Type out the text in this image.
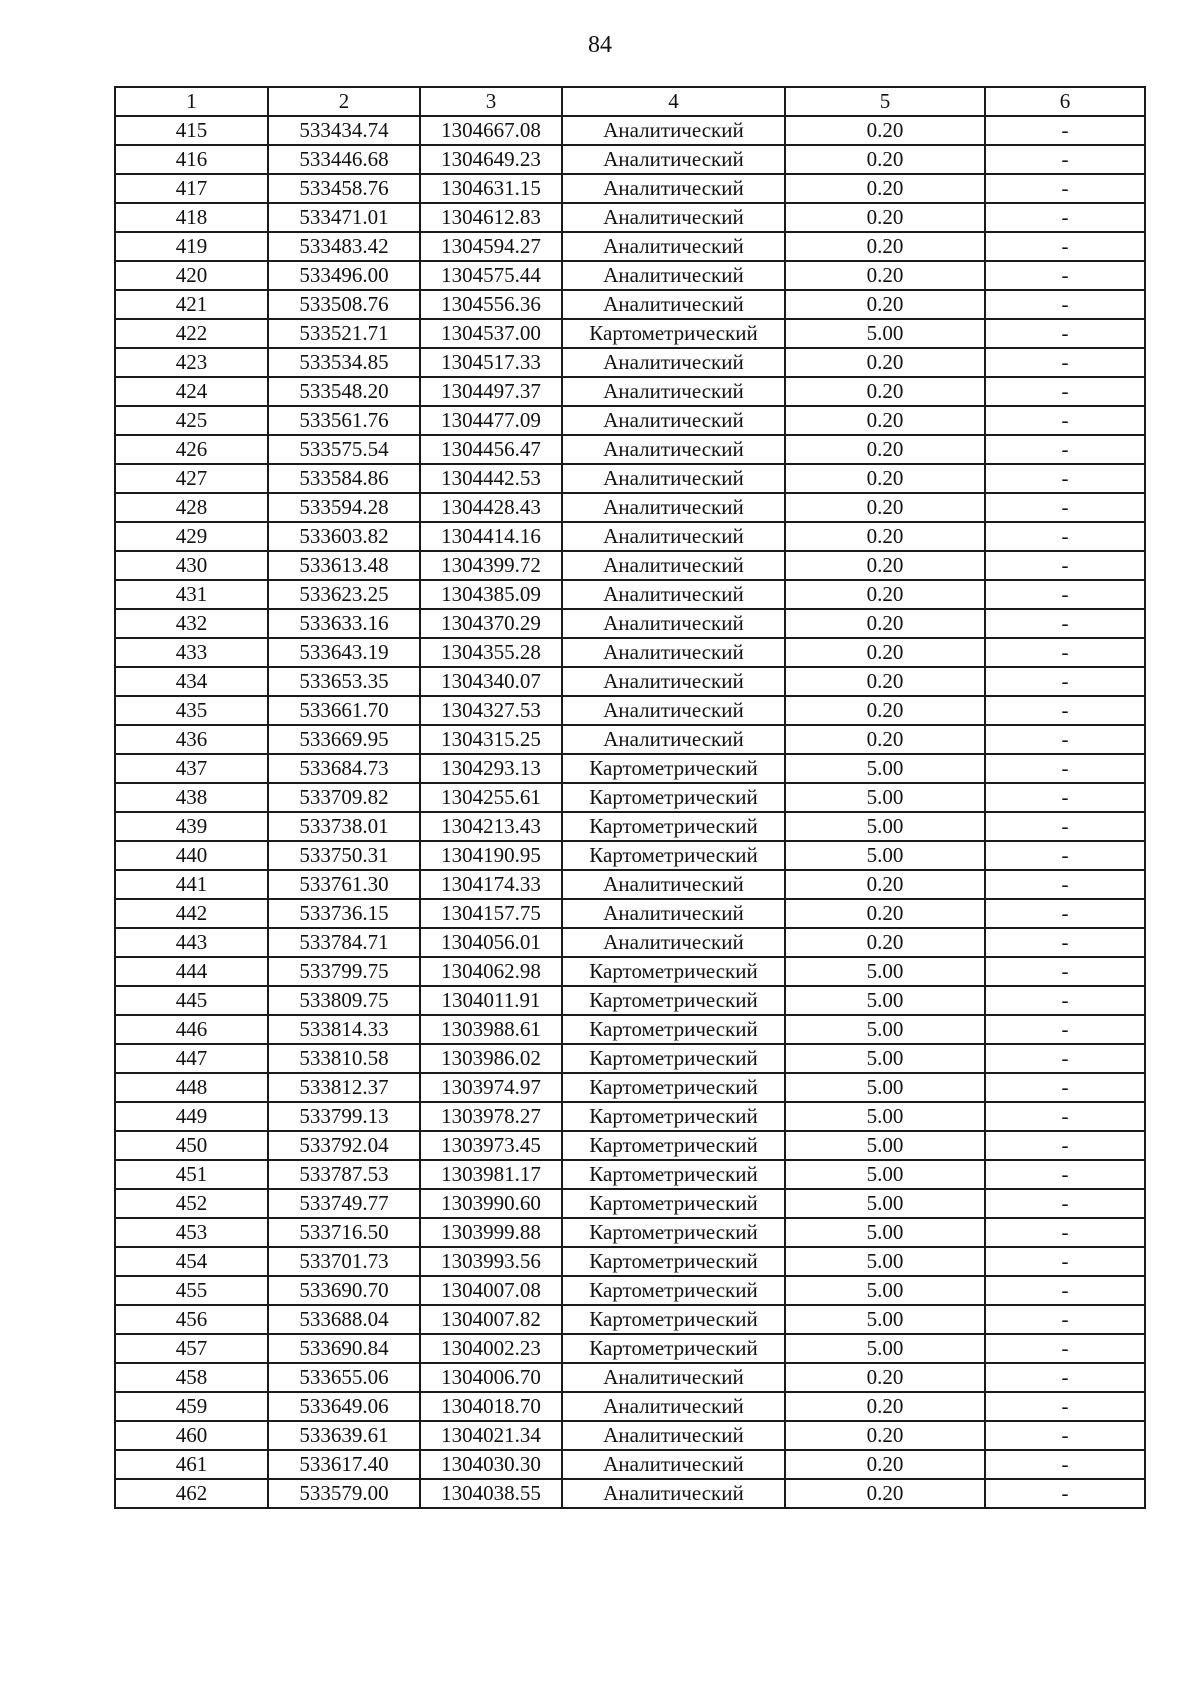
84
1	2	3	4	5	6
415	533434.74	1304667.08	Аналитический	0.20	-
416	533446.68	1304649.23	Аналитический	0.20	-
417	533458.76	1304631.15	Аналитический	0.20	-
418	533471.01	1304612.83	Аналитический	0.20	-
419	533483.42	1304594.27	Аналитический	0.20	-
420	533496.00	1304575.44	Аналитический	0.20	-
421	533508.76	1304556.36	Аналитический	0.20	-
422	533521.71	1304537.00	Картометрический	5.00	-
423	533534.85	1304517.33	Аналитический	0.20	-
424	533548.20	1304497.37	Аналитический	0.20	-
425	533561.76	1304477.09	Аналитический	0.20	-
426	533575.54	1304456.47	Аналитический	0.20	-
427	533584.86	1304442.53	Аналитический	0.20	-
428	533594.28	1304428.43	Аналитический	0.20	-
429	533603.82	1304414.16	Аналитический	0.20	-
430	533613.48	1304399.72	Аналитический	0.20	-
431	533623.25	1304385.09	Аналитический	0.20	-
432	533633.16	1304370.29	Аналитический	0.20	-
433	533643.19	1304355.28	Аналитический	0.20	-
434	533653.35	1304340.07	Аналитический	0.20	-
435	533661.70	1304327.53	Аналитический	0.20	-
436	533669.95	1304315.25	Аналитический	0.20	-
437	533684.73	1304293.13	Картометрический	5.00	-
438	533709.82	1304255.61	Картометрический	5.00	-
439	533738.01	1304213.43	Картометрический	5.00	-
440	533750.31	1304190.95	Картометрический	5.00	-
441	533761.30	1304174.33	Аналитический	0.20	-
442	533736.15	1304157.75	Аналитический	0.20	-
443	533784.71	1304056.01	Аналитический	0.20	-
444	533799.75	1304062.98	Картометрический	5.00	-
445	533809.75	1304011.91	Картометрический	5.00	-
446	533814.33	1303988.61	Картометрический	5.00	-
447	533810.58	1303986.02	Картометрический	5.00	-
448	533812.37	1303974.97	Картометрический	5.00	-
449	533799.13	1303978.27	Картометрический	5.00	-
450	533792.04	1303973.45	Картометрический	5.00	-
451	533787.53	1303981.17	Картометрический	5.00	-
452	533749.77	1303990.60	Картометрический	5.00	-
453	533716.50	1303999.88	Картометрический	5.00	-
454	533701.73	1303993.56	Картометрический	5.00	-
455	533690.70	1304007.08	Картометрический	5.00	-
456	533688.04	1304007.82	Картометрический	5.00	-
457	533690.84	1304002.23	Картометрический	5.00	-
458	533655.06	1304006.70	Аналитический	0.20	-
459	533649.06	1304018.70	Аналитический	0.20	-
460	533639.61	1304021.34	Аналитический	0.20	-
461	533617.40	1304030.30	Аналитический	0.20	-
462	533579.00	1304038.55	Аналитический	0.20	-
